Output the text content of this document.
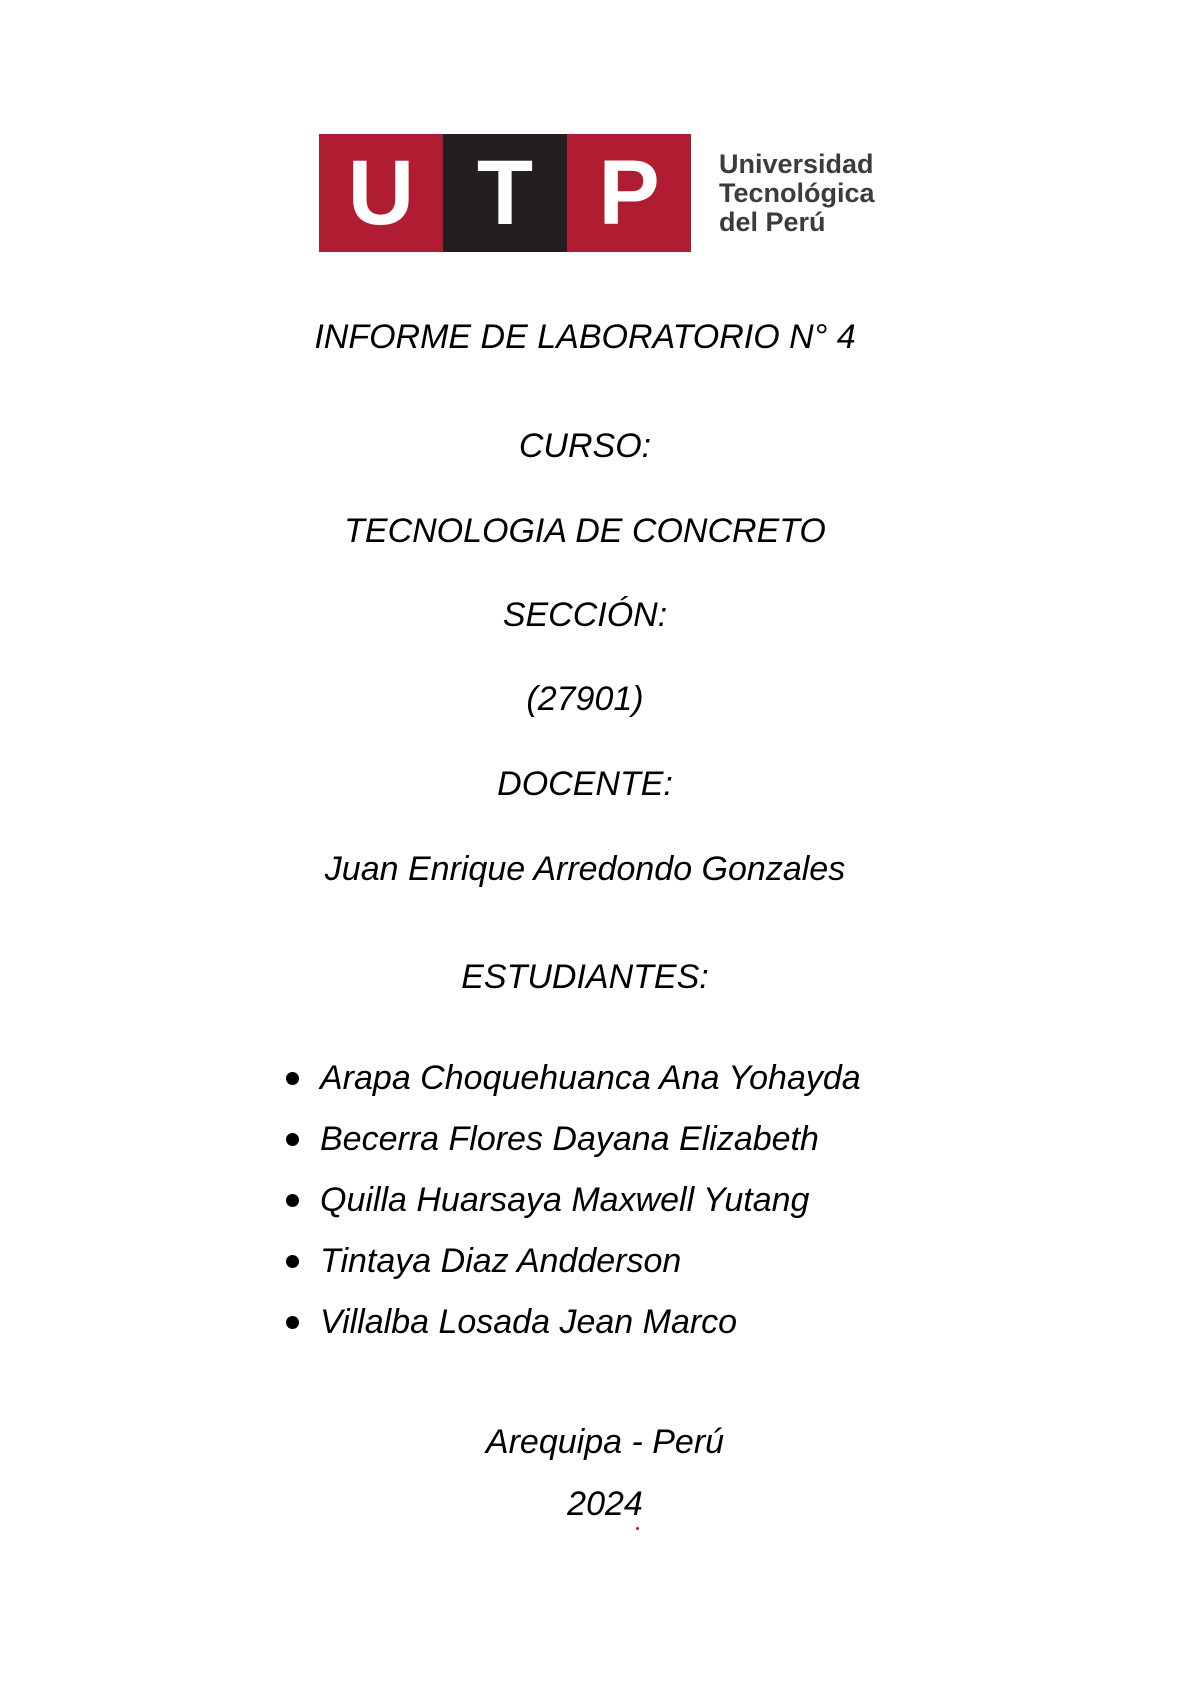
U T P	Universidad
Tecnológica
del Perú
INFORME DE LABORATORIO N° 4
CURSO:
TECNOLOGIA DE CONCRETO
SECCIÓN:
(27901)
DOCENTE:
Juan Enrique Arredondo Gonzales
ESTUDIANTES:
Arapa Choquehuanca Ana Yohayda
Becerra Flores Dayana Elizabeth
Quilla Huarsaya Maxwell Yutang
Tintaya Diaz Andderson
Villalba Losada Jean Marco
Arequipa - Perú
2024
